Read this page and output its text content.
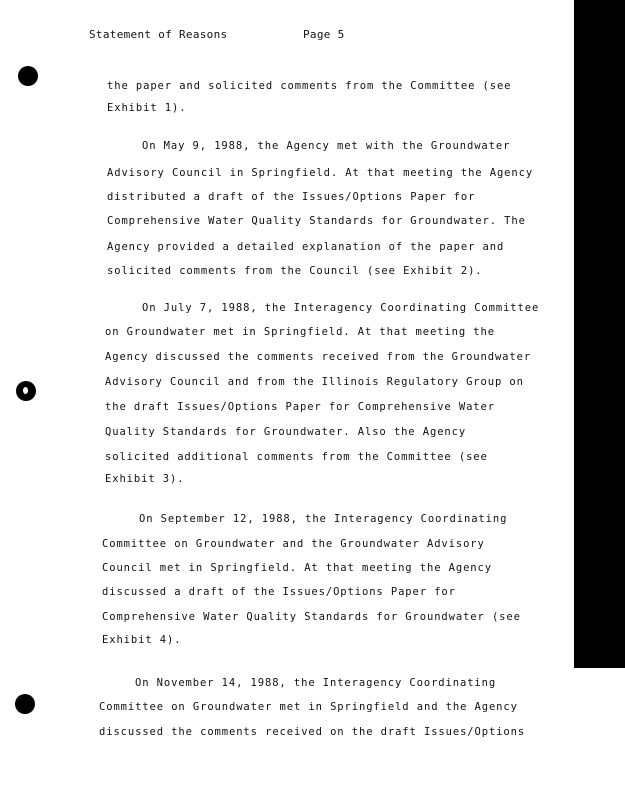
Statement of Reasons	Page 5
the paper and solicited comments from the Committee (see
Exhibit 1).
On May 9, 1988, the Agency met with the Groundwater
Advisory Council in Springfield. At that meeting the Agency
distributed a draft of the Issues/Options Paper for
Comprehensive Water Quality Standards for Groundwater. The
Agency provided a detailed explanation of the paper and
solicited comments from the Council (see Exhibit 2).
On July 7, 1988, the Interagency Coordinating Committee
on Groundwater met in Springfield. At that meeting the
Agency discussed the comments received from the Groundwater
Advisory Council and from the Illinois Regulatory Group on
the draft Issues/Options Paper for Comprehensive Water
Quality Standards for Groundwater. Also the Agency
solicited additional comments from the Committee (see
Exhibit 3).
On September 12, 1988, the Interagency Coordinating
Committee on Groundwater and the Groundwater Advisory
Council met in Springfield. At that meeting the Agency
discussed a draft of the Issues/Options Paper for
Comprehensive Water Quality Standards for Groundwater (see
Exhibit 4).
On November 14, 1988, the Interagency Coordinating
Committee on Groundwater met in Springfield and the Agency
discussed the comments received on the draft Issues/Options
